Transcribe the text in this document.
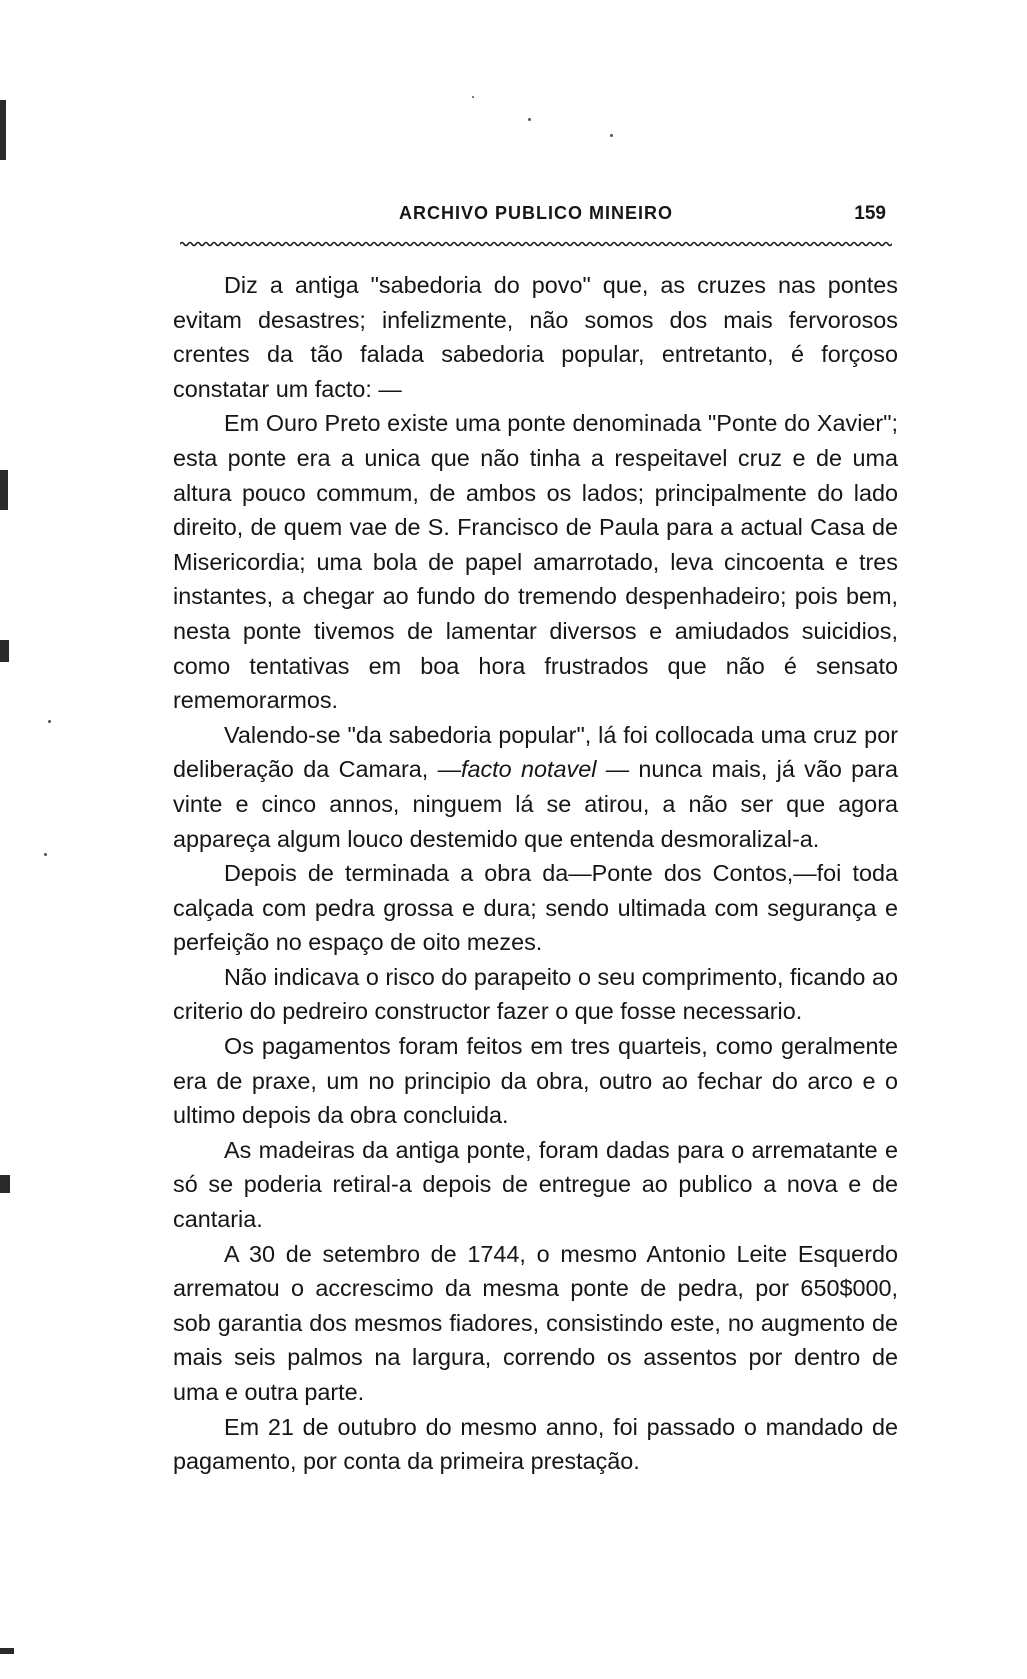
ARCHIVO PUBLICO MINEIRO	159

Diz a antiga "sabedoria do povo" que, as cruzes nas pontes evitam desastres; infelizmente, não somos dos mais fervorosos crentes da tão falada sabedoria popular, entretanto, é forçoso constatar um facto: —

Em Ouro Preto existe uma ponte denominada "Ponte do Xavier"; esta ponte era a unica que não tinha a respeitavel cruz e de uma altura pouco commum, de ambos os lados; principalmente do lado direito, de quem vae de S. Francisco de Paula para a actual Casa de Misericordia; uma bola de papel amarrotado, leva cincoenta e tres instantes, a chegar ao fundo do tremendo despenhadeiro; pois bem, nesta ponte tivemos de lamentar diversos e amiudados suicidios, como tentativas em boa hora frustrados que não é sensato rememorarmos.

Valendo-se "da sabedoria popular", lá foi collocada uma cruz por deliberação da Camara, —facto notavel — nunca mais, já vão para vinte e cinco annos, ninguem lá se atirou, a não ser que agora appareça algum louco destemido que entenda desmoralizal-a.

Depois de terminada a obra da—Ponte dos Contos,—foi toda calçada com pedra grossa e dura; sendo ultimada com segurança e perfeição no espaço de oito mezes.

Não indicava o risco do parapeito o seu comprimento, ficando ao criterio do pedreiro constructor fazer o que fosse necessario.

Os pagamentos foram feitos em tres quarteis, como geralmente era de praxe, um no principio da obra, outro ao fechar do arco e o ultimo depois da obra concluida.

As madeiras da antiga ponte, foram dadas para o arrematante e só se poderia retiral-a depois de entregue ao publico a nova e de cantaria.

A 30 de setembro de 1744, o mesmo Antonio Leite Esquerdo arrematou o accrescimo da mesma ponte de pedra, por 650$000, sob garantia dos mesmos fiadores, consistindo este, no augmento de mais seis palmos na largura, correndo os assentos por dentro de uma e outra parte.

Em 21 de outubro do mesmo anno, foi passado o mandado de pagamento, por conta da primeira prestação.
